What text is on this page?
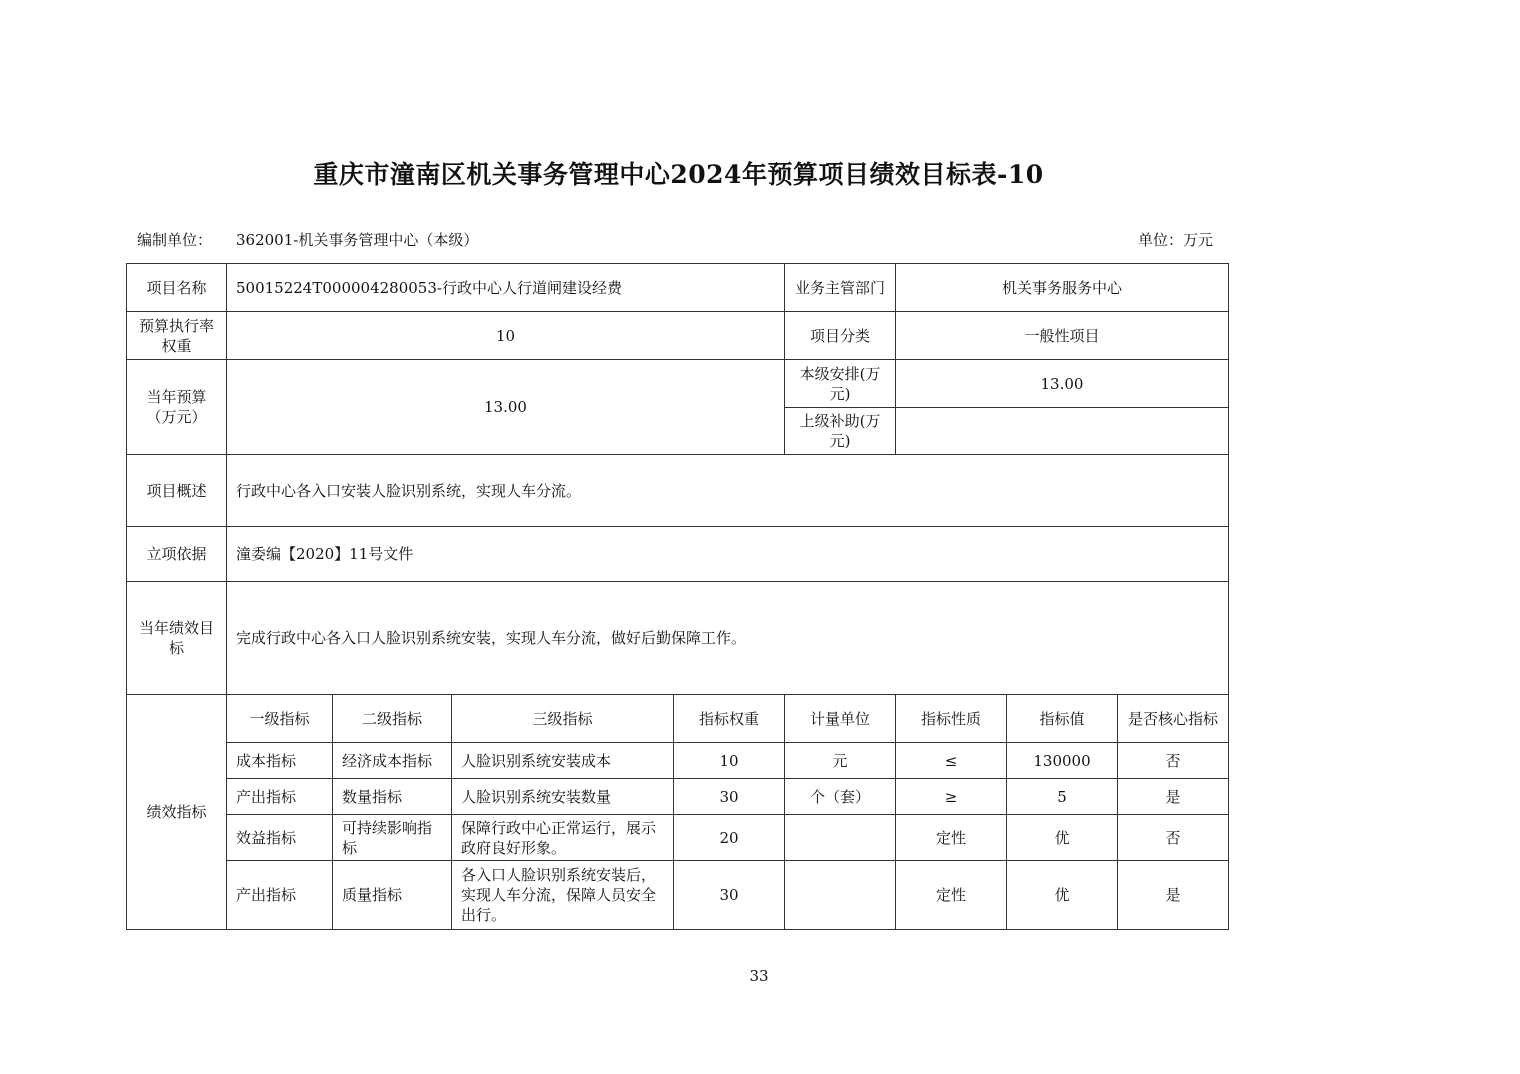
重庆市潼南区机关事务管理中心2024年预算项目绩效目标表-10
编制单位： 362001-机关事务管理中心（本级）	单位：万元
项目名称	50015224T000004280053-行政中心人行道闸建设经费				业务主管部门	机关事务服务中心		
预算执行率权重	10				项目分类	一般性项目		
当年预算（万元）	13.00				本级安排(万元)	13.00		
					上级补助(万元)			
项目概述	行政中心各入口安装人脸识别系统，实现人车分流。							
立项依据	潼委编【2020】11号文件							
当年绩效目标	完成行政中心各入口人脸识别系统安装，实现人车分流，做好后勤保障工作。							
绩效指标	一级指标	二级指标	三级指标	指标权重	计量单位	指标性质	指标值	是否核心指标
	成本指标	经济成本指标	人脸识别系统安装成本	10	元	≤	130000	否
	产出指标	数量指标	人脸识别系统安装数量	30	个（套）	≥	5	是
	效益指标	可持续影响指标	保障行政中心正常运行，展示政府良好形象。	20		定性	优	否
	产出指标	质量指标	各入口人脸识别系统安装后，实现人车分流，保障人员安全出行。	30		定性	优	是
33
